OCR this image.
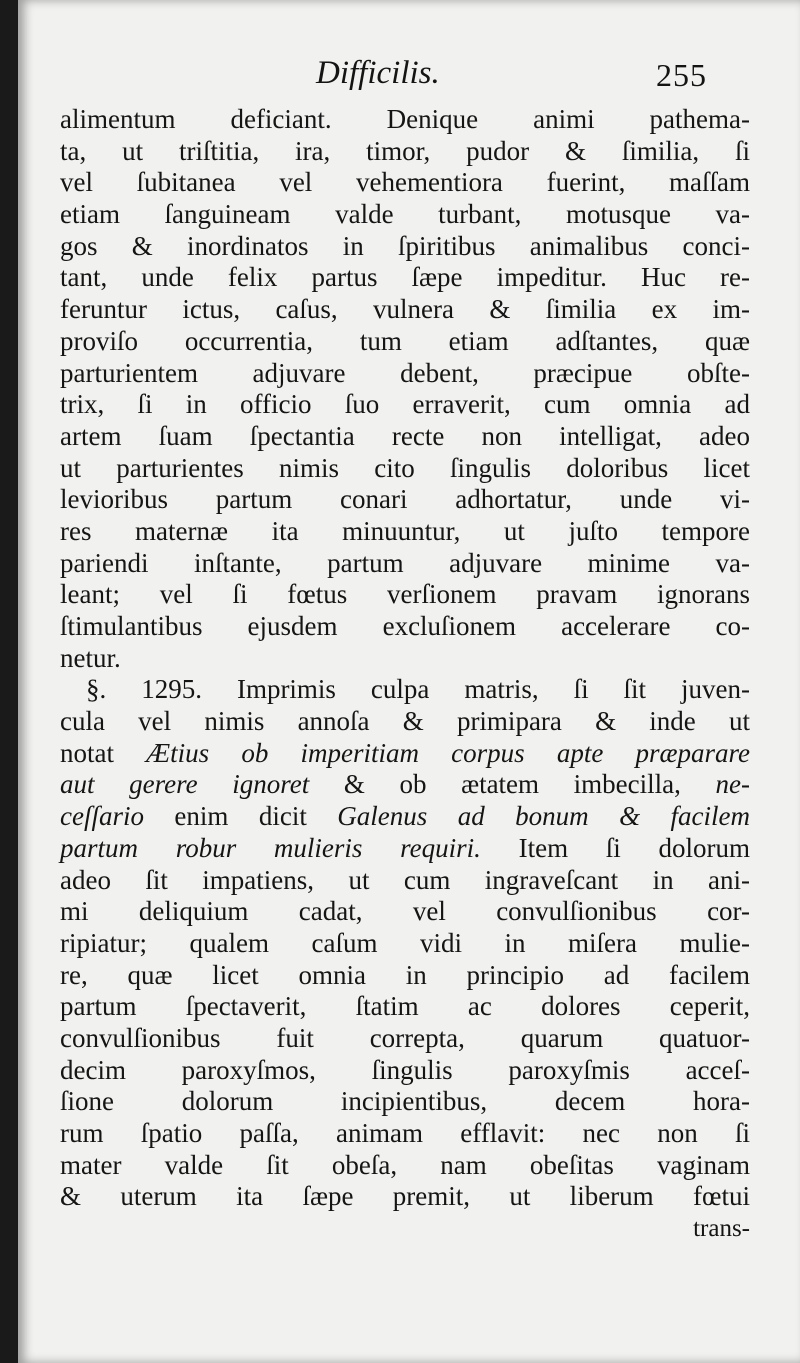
Difficilis.	255
alimentum deficiant. Denique animi pathema-
ta, ut triſtitia, ira, timor, pudor & ſimilia, ſi
vel ſubitanea vel vehementiora fuerint, maſſam
etiam ſanguineam valde turbant, motusque va-
gos & inordinatos in ſpiritibus animalibus conci-
tant, unde felix partus ſæpe impeditur. Huc re-
feruntur ictus, caſus, vulnera & ſimilia ex im-
proviſo occurrentia, tum etiam adſtantes, quæ
parturientem adjuvare debent, præcipue obſte-
trix, ſi in officio ſuo erraverit, cum omnia ad
artem ſuam ſpectantia recte non intelligat, adeo
ut parturientes nimis cito ſingulis doloribus licet
levioribus partum conari adhortatur, unde vi-
res maternæ ita minuuntur, ut juſto tempore
pariendi inſtante, partum adjuvare minime va-
leant; vel ſi fœtus verſionem pravam ignorans
ſtimulantibus ejusdem excluſionem accelerare co-
netur.
§. 1295. Imprimis culpa matris, ſi ſit juven-
cula vel nimis annoſa & primipara & inde ut
notat Ætius ob imperitiam corpus apte præparare
aut gerere ignoret & ob ætatem imbecilla, ne-
ceſſario enim dicit Galenus ad bonum & facilem
partum robur mulieris requiri. Item ſi dolorum
adeo ſit impatiens, ut cum ingraveſcant in ani-
mi deliquium cadat, vel convulſionibus cor-
ripiatur; qualem caſum vidi in miſera mulie-
re, quæ licet omnia in principio ad facilem
partum ſpectaverit, ſtatim ac dolores ceperit,
convulſionibus fuit correpta, quarum quatuor-
decim paroxyſmos, ſingulis paroxyſmis acceſ-
ſione dolorum incipientibus, decem hora-
rum ſpatio paſſa, animam efflavit: nec non ſi
mater valde ſit obeſa, nam obeſitas vaginam
& uterum ita ſæpe premit, ut liberum fœtui
trans-
